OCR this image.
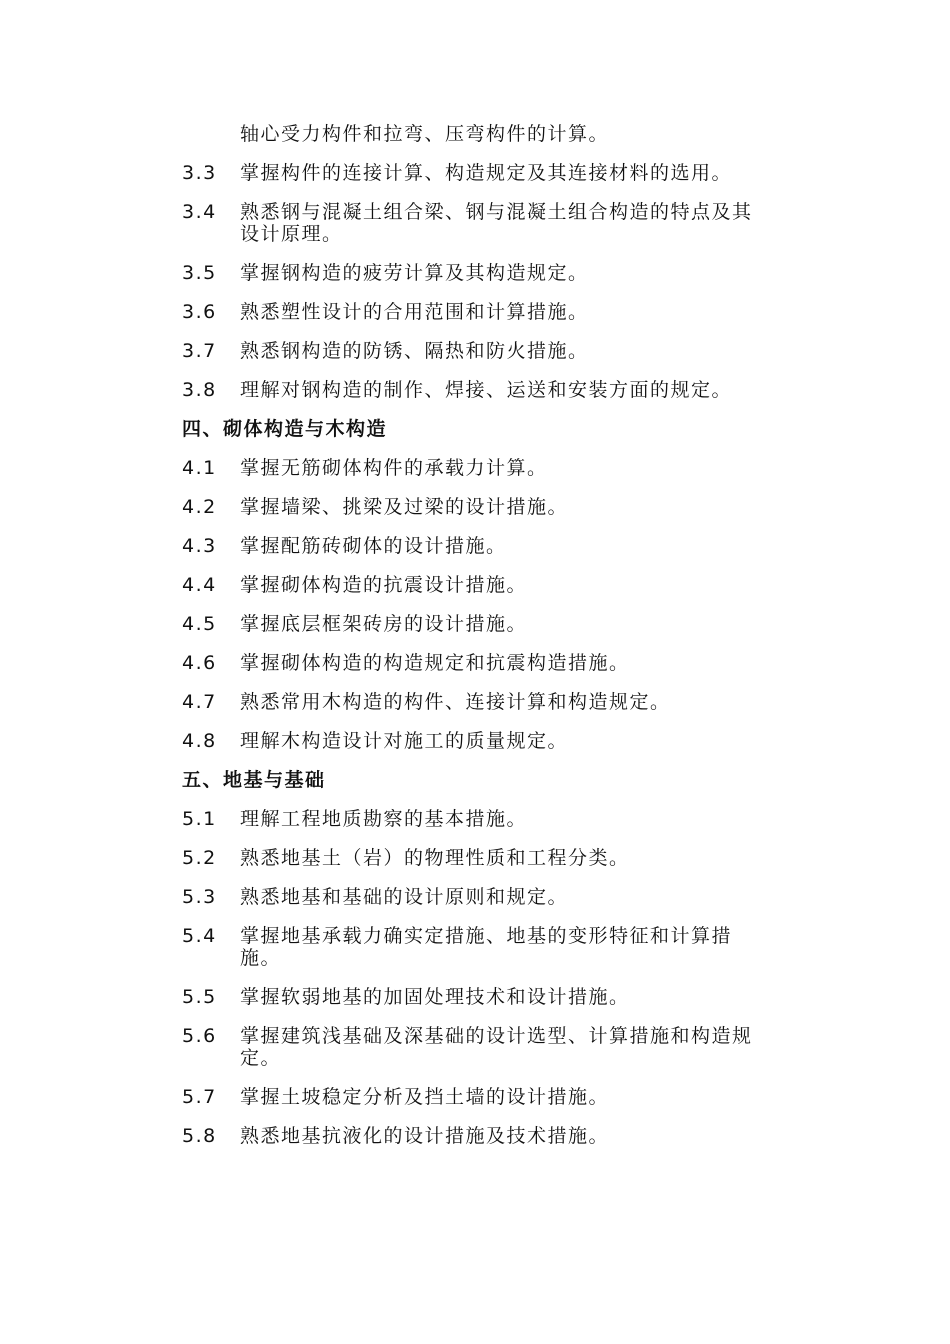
轴心受力构件和拉弯、压弯构件的计算。
3.3	掌握构件的连接计算、构造规定及其连接材料的选用。
3.4	熟悉钢与混凝土组合梁、钢与混凝土组合构造的特点及其设计原理。
3.5	掌握钢构造的疲劳计算及其构造规定。
3.6	熟悉塑性设计的合用范围和计算措施。
3.7	熟悉钢构造的防锈、隔热和防火措施。
3.8	理解对钢构造的制作、焊接、运送和安装方面的规定。
四、砌体构造与木构造
4.1	掌握无筋砌体构件的承载力计算。
4.2	掌握墙梁、挑梁及过梁的设计措施。
4.3	掌握配筋砖砌体的设计措施。
4.4	掌握砌体构造的抗震设计措施。
4.5	掌握底层框架砖房的设计措施。
4.6	掌握砌体构造的构造规定和抗震构造措施。
4.7	熟悉常用木构造的构件、连接计算和构造规定。
4.8	理解木构造设计对施工的质量规定。
五、地基与基础
5.1	理解工程地质勘察的基本措施。
5.2	熟悉地基土（岩）的物理性质和工程分类。
5.3	熟悉地基和基础的设计原则和规定。
5.4	掌握地基承载力确实定措施、地基的变形特征和计算措施。
5.5	掌握软弱地基的加固处理技术和设计措施。
5.6	掌握建筑浅基础及深基础的设计选型、计算措施和构造规定。
5.7	掌握土坡稳定分析及挡土墙的设计措施。
5.8	熟悉地基抗液化的设计措施及技术措施。
